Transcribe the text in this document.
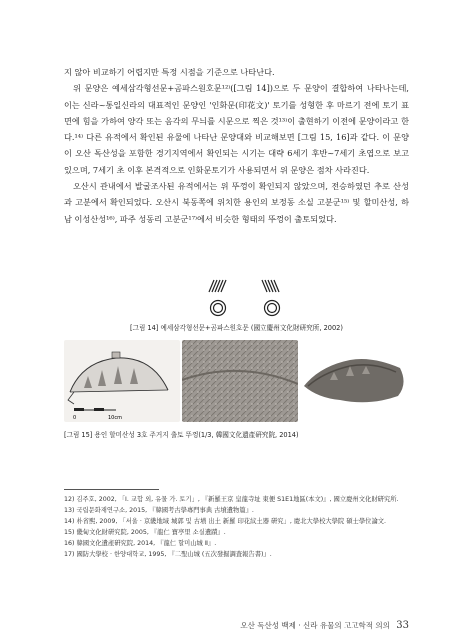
지 않아 비교하기 어렵지만 특정 시점을 기준으로 나타난다.

위 문양은 예세삼각형선문+곰파스원호문¹²⁾([그림 14])으로 두 문양이 결합하여 나타나는데, 이는 신라~통일신라의 대표적인 문양인 '인화문(印花文)' 토기를 성형한 후 마르기 전에 토기 표면에 힘을 가하여 양각 또는 음각의 무늬를 시문으로 찍은 것¹³⁾이 출현하기 이전에 문양이라고 한다.¹⁴⁾ 다른 유적에서 확인된 유물에 나타난 문양대와 비교해보면 [그림 15, 16]과 같다. 이 문양이 오산 독산성을 포함한 경기지역에서 확인되는 시기는 대략 6세기 후반~7세기 초엽으로 보고 있으며, 7세기 초 이후 본격적으로 인화문토기가 사용되면서 위 문양은 점차 사라진다.

오산시 관내에서 발굴조사된 유적에서는 위 뚜껑이 확인되지 않았으며, 전승하였던 추로 산성과 고분에서 확인되었다. 오산시 북동쪽에 위치한 용인의 보정동 소실 고분군¹⁵⁾ 및 할미산성, 하남 이성산성¹⁶⁾, 파주 성동리 고분군¹⁷⁾에서 비슷한 형태의 뚜껑이 출토되었다.

[그림 14] 예세삼각형선문+곰파스원호문 (國立慶州文化財硏究所, 2002)
0	10cm
[그림 15] 용인 할미산성 3호 주거지 출토 뚜껑(1/3, 韓國文化遺產硏究院, 2014)
12) 김주호, 2002, 「Ⅰ. 교합 외, 유물 가. 토기」, 『新羅王京 皇龍寺址 東便 S1E1地區(本文)』, 國立慶州文化財硏究所.
13) 국립문화재연구소, 2015, 『韓國考古學專門事典 古墳遺物篇』.
14) 朴省熙, 2009, 「서울 · 京畿地域 城郭 및 古墳 出土 新羅 印花紋土器 硏究」, 慶北大學校大學院 碩士學位論文.
15) 畿甸文化財硏究院, 2005, 『龍仁 寶亭里 소실遺蹟』.
16) 韓國文化遺產硏究院, 2014, 『龍仁 할미山城 Ⅱ』.
17) 國防大學校 · 한양대학교, 1995, 『二聖山城 (五次發掘調査報告書)』.
오산 독산성 백제 · 신라 유물의 고고학적 의의 33
